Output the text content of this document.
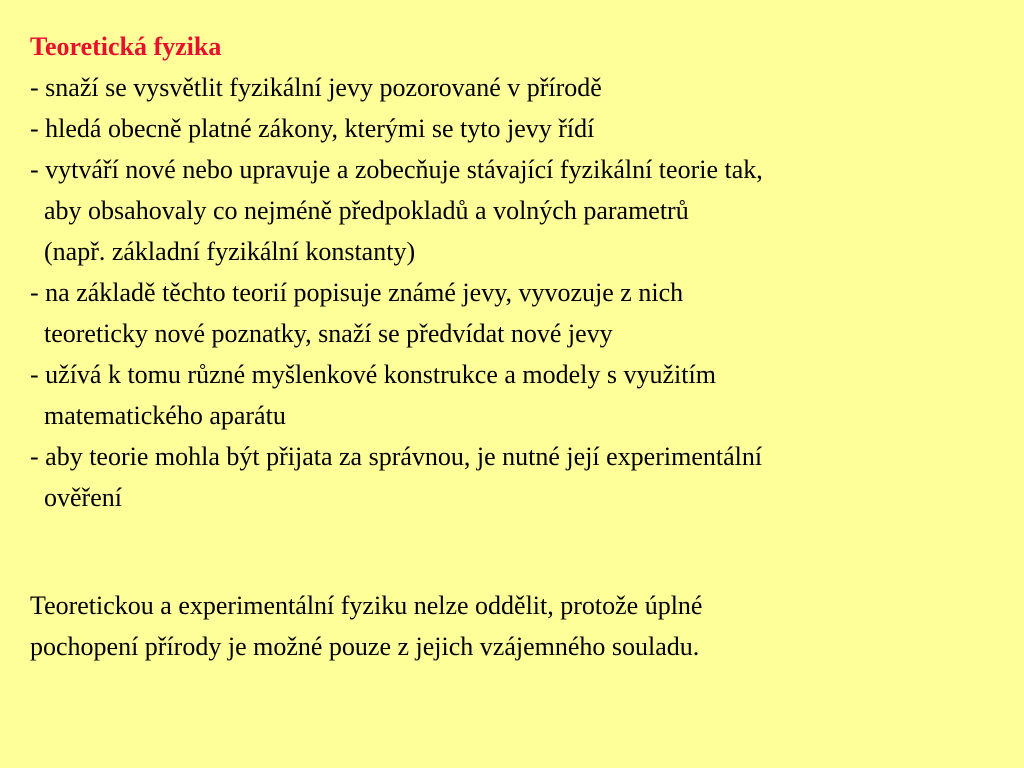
Teoretická fyzika

- snaží se vysvětlit fyzikální jevy pozorované v přírodě

- hledá obecně platné zákony, kterými se tyto jevy řídí

- vytváří nové nebo upravuje a zobecňuje stávající fyzikální teorie tak,
aby obsahovaly co nejméně předpokladů a volných parametrů
(např. základní fyzikální konstanty)

- na základě těchto teorií popisuje známé jevy, vyvozuje z nich
teoreticky nové poznatky, snaží se předvídat nové jevy

- užívá k tomu různé myšlenkové konstrukce a modely s využitím
matematického aparátu

- aby teorie mohla být přijata za správnou, je nutné její experimentální
ověření

Teoretickou a experimentální fyziku nelze oddělit, protože úplné
pochopení přírody je možné pouze z jejich vzájemného souladu.
